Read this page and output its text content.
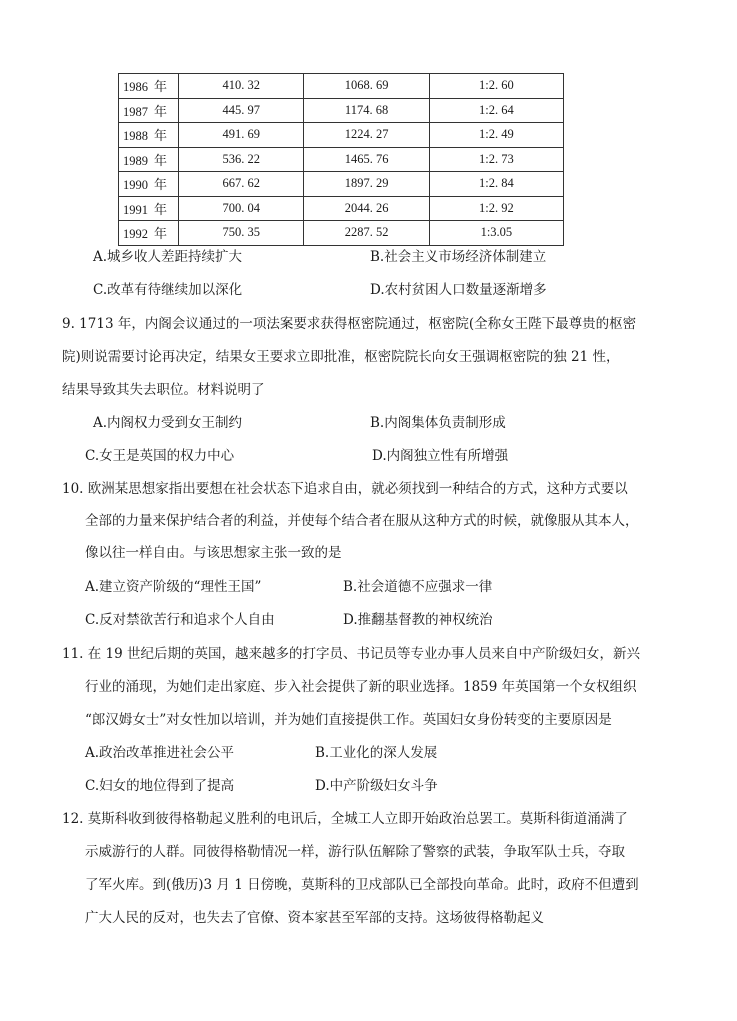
1986 年	410. 32	1068. 69	1:2. 60
1987 年	445. 97	1174. 68	1:2. 64
1988 年	491. 69	1224. 27	1:2. 49
1989 年	536. 22	1465. 76	1:2. 73
1990 年	667. 62	1897. 29	1:2. 84
1991 年	700. 04	2044. 26	1:2. 92
1992 年	750. 35	2287. 52	1:3.05
A.城乡收人差距持续扩大	B.社会主义市场经济体制建立
C.改革有待继续加以深化	D.农村贫困人口数量逐渐增多
9. 1713 年，内阁会议通过的一项法案要求获得枢密院通过，枢密院(全称女王陛下最尊贵的枢密
院)则说需要讨论再决定，结果女王要求立即批准，枢密院院长向女王强调枢密院的独 21 性，
结果导致其失去职位。材料说明了
A.内阁权力受到女王制约	B.内阁集体负责制形成
C.女王是英国的权力中心	D.内阁独立性有所增强
10. 欧洲某思想家指出要想在社会状态下追求自由，就必须找到一种结合的方式，这种方式要以
全部的力量来保护结合者的利益，并使每个结合者在服从这种方式的时候，就像服从其本人，
像以往一样自由。与该思想家主张一致的是
A.建立资产阶级的“理性王国”	B.社会道德不应强求一律
C.反对禁欲苦行和追求个人自由	D.推翻基督教的神权统治
11. 在 19 世纪后期的英国，越来越多的打字员、书记员等专业办事人员来自中产阶级妇女，新兴
行业的涌现，为她们走出家庭、步入社会提供了新的职业选择。1859 年英国第一个女权组织
“郎汉姆女士”对女性加以培训，并为她们直接提供工作。英国妇女身份转变的主要原因是
A.政治改革推进社会公平	B.工业化的深人发展
C.妇女的地位得到了提高	D.中产阶级妇女斗争
12. 莫斯科收到彼得格勒起义胜利的电讯后，全城工人立即开始政治总罢工。莫斯科街道涌满了
示威游行的人群。同彼得格勒情况一样，游行队伍解除了警察的武装，争取军队士兵，夺取
了军火库。到(俄历)3 月 1 日傍晚，莫斯科的卫戍部队已全部投向革命。此时，政府不但遭到
广大人民的反对，也失去了官僚、资本家甚至军部的支持。这场彼得格勒起义
